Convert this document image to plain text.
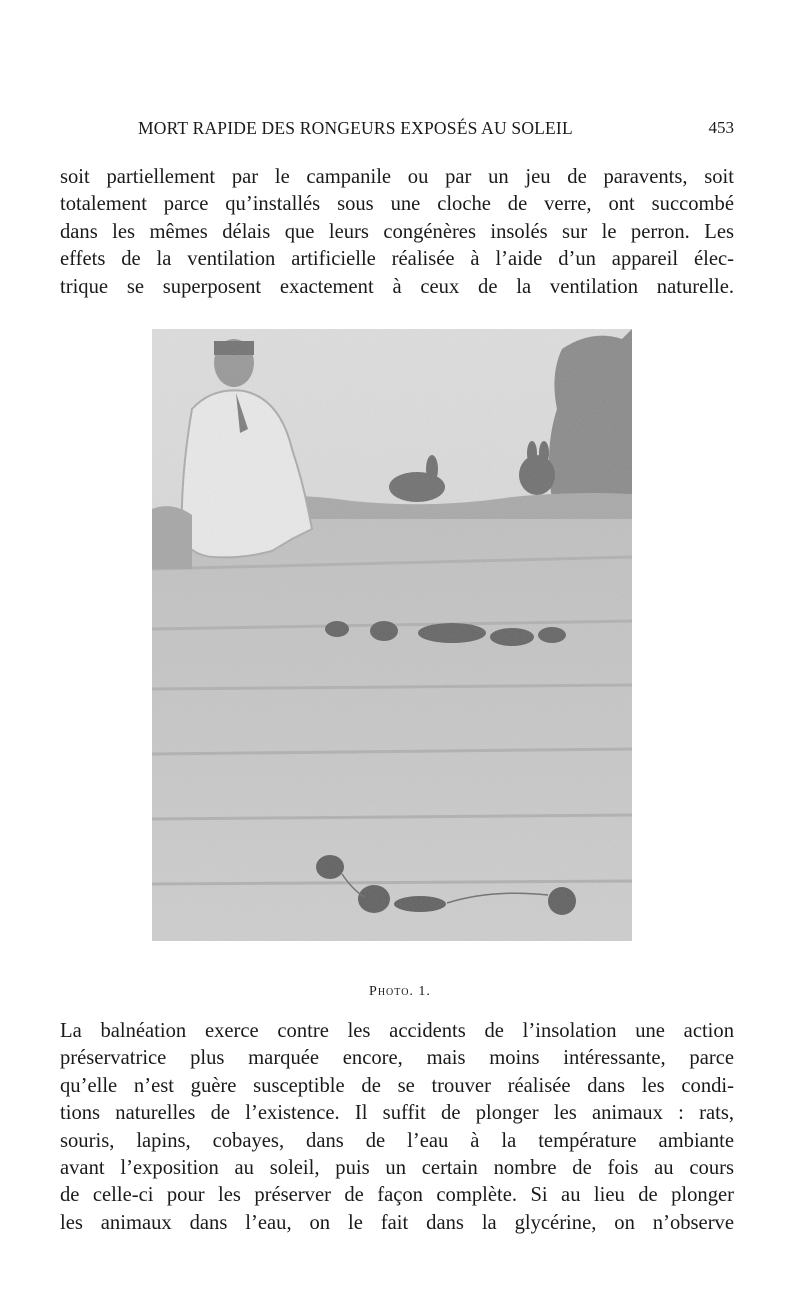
MORT RAPIDE DES RONGEURS EXPOSÉS AU SOLEIL	453
soit partiellement par le campanile ou par un jeu de paravents, soit
totalement parce qu’installés sous une cloche de verre, ont succombé
dans les mêmes délais que leurs congénères insolés sur le perron. Les
effets de la ventilation artificielle réalisée à l’aide d’un appareil élec-
trique se superposent exactement à ceux de la ventilation naturelle.
Photo. 1.
La balnéation exerce contre les accidents de l’insolation une action
préservatrice plus marquée encore, mais moins intéressante, parce
qu’elle n’est guère susceptible de se trouver réalisée dans les condi-
tions naturelles de l’existence. Il suffit de plonger les animaux : rats,
souris, lapins, cobayes, dans de l’eau à la température ambiante
avant l’exposition au soleil, puis un certain nombre de fois au cours
de celle-ci pour les préserver de façon complète. Si au lieu de plonger
les animaux dans l’eau, on le fait dans la glycérine, on n’observe
